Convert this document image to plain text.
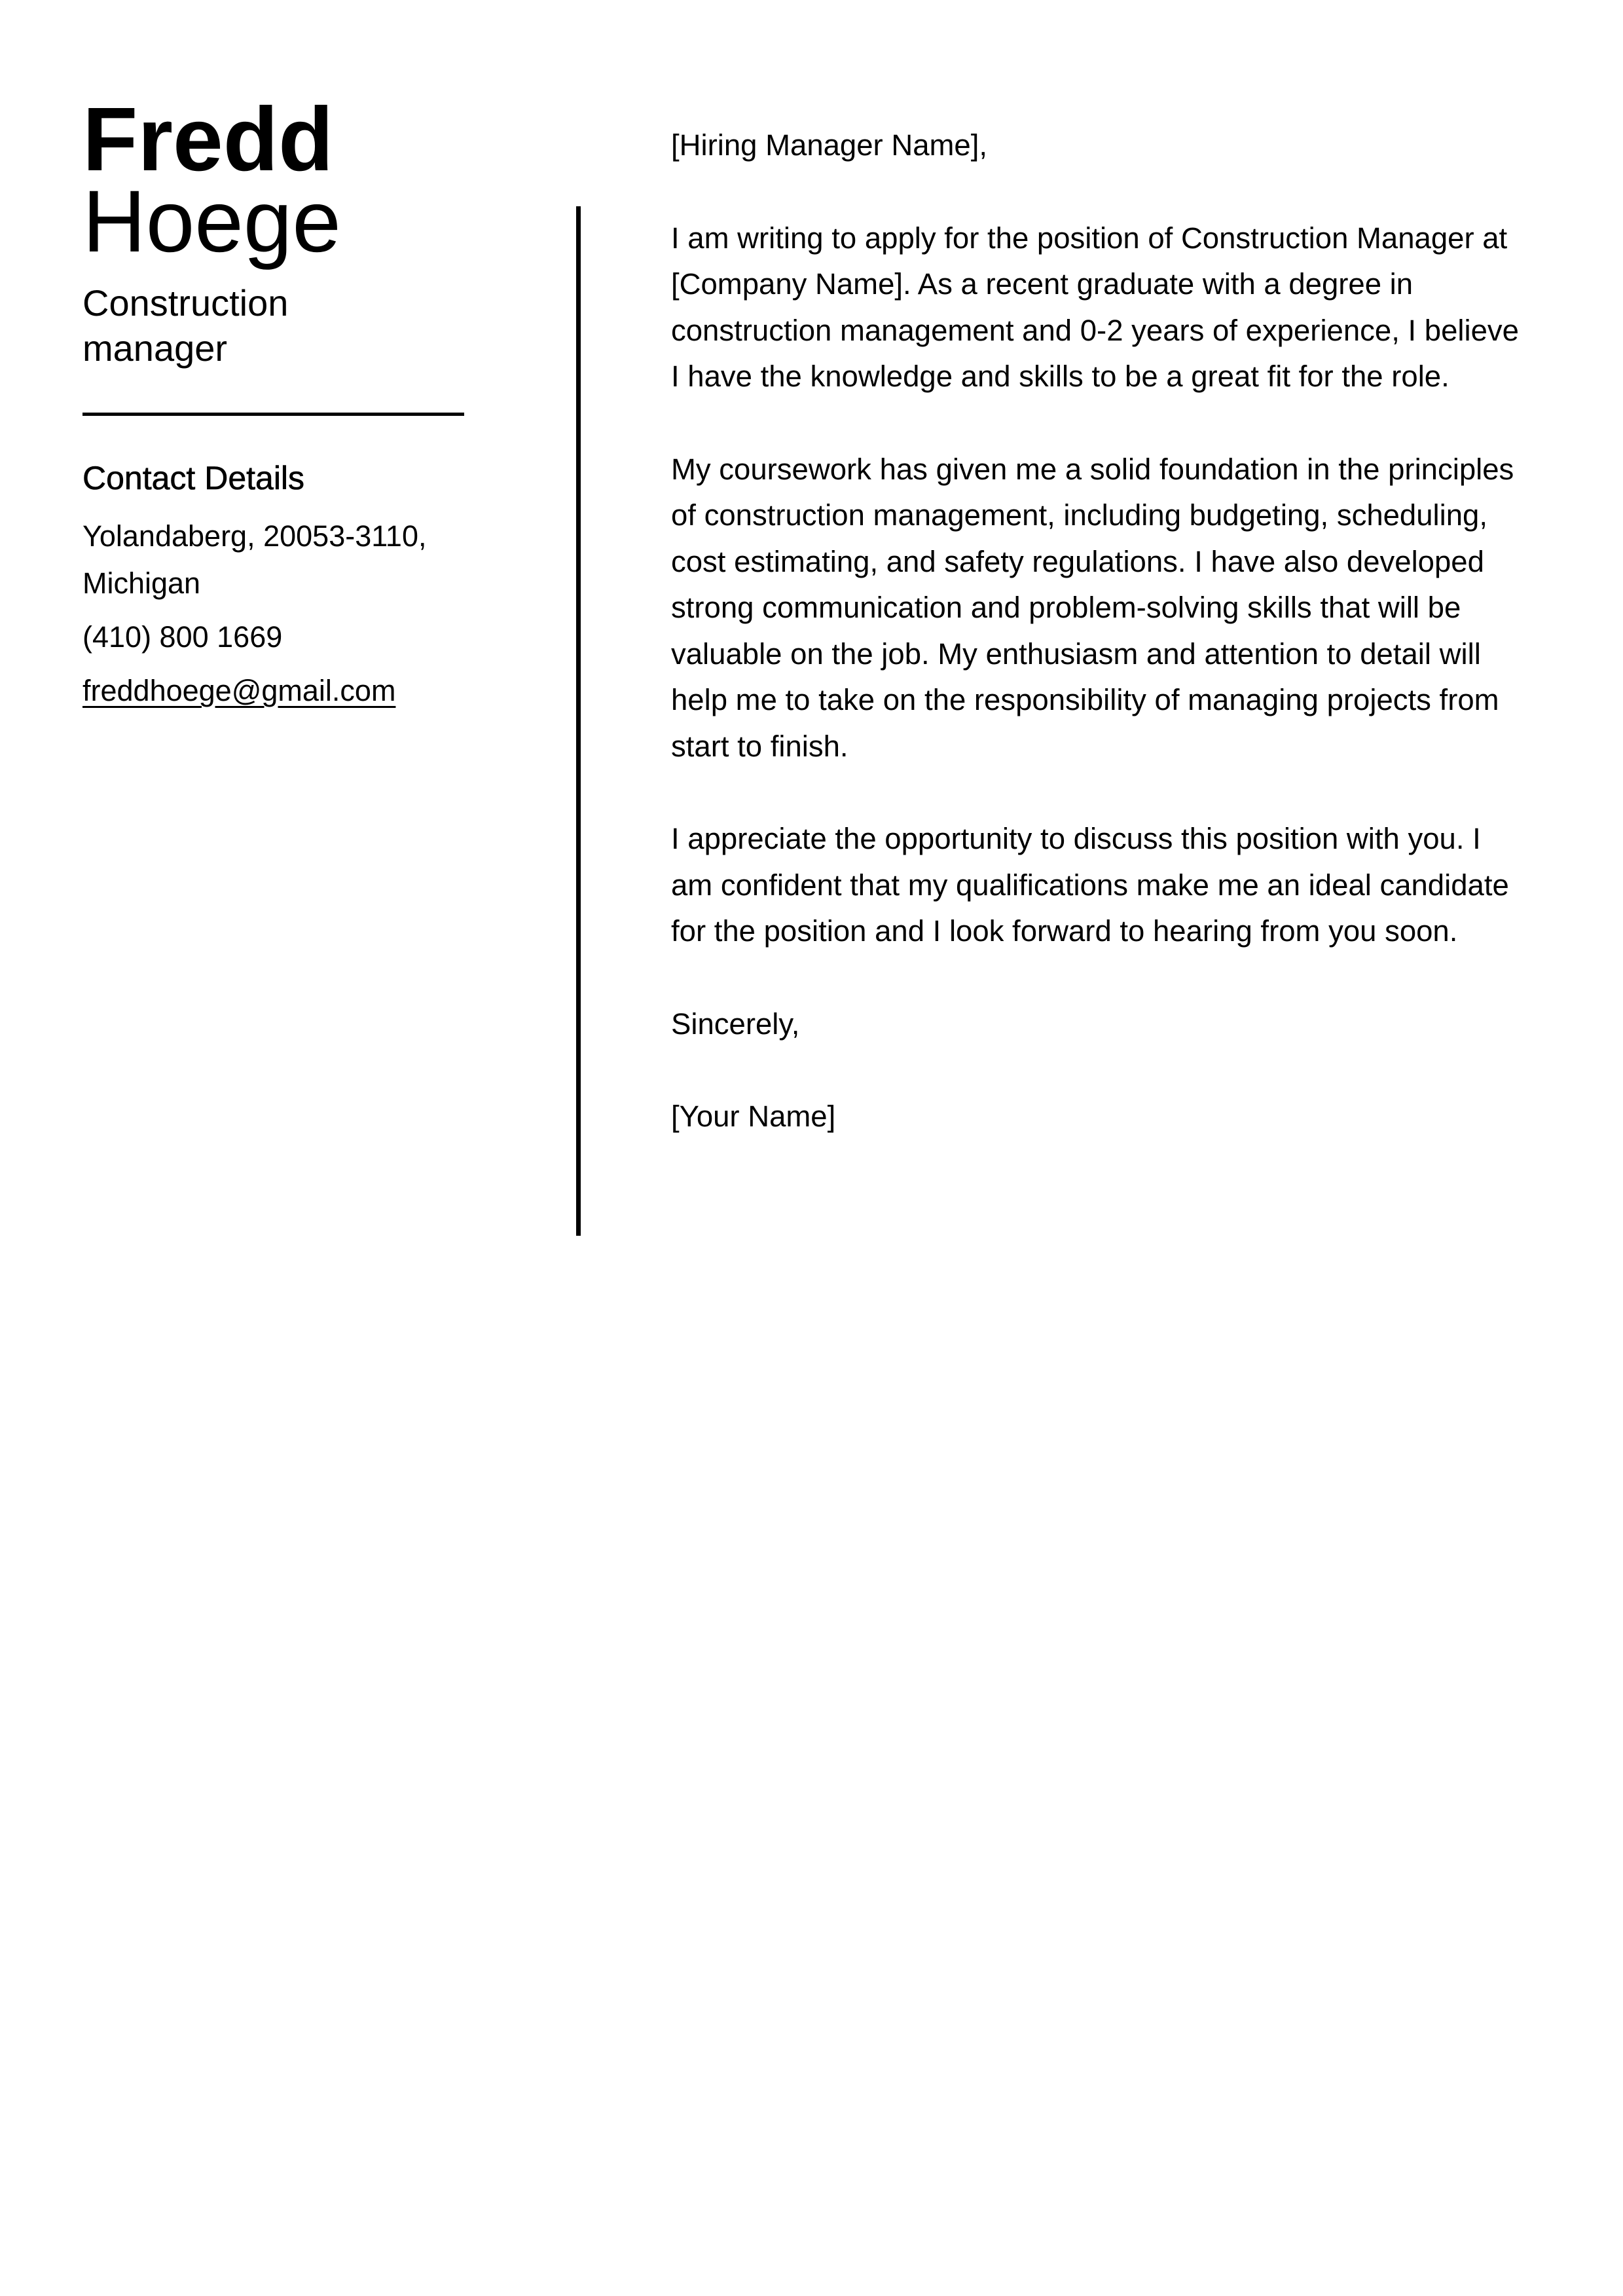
Fredd
Hoege
Construction manager
Contact Details
Yolandaberg, 20053-3110, Michigan
(410) 800 1669
freddhoege@gmail.com

[Hiring Manager Name],

I am writing to apply for the position of Construction Manager at [Company Name]. As a recent graduate with a degree in construction management and 0-2 years of experience, I believe I have the knowledge and skills to be a great fit for the role.

My coursework has given me a solid foundation in the principles of construction management, including budgeting, scheduling, cost estimating, and safety regulations. I have also developed strong communication and problem-solving skills that will be valuable on the job. My enthusiasm and attention to detail will help me to take on the responsibility of managing projects from start to finish.

I appreciate the opportunity to discuss this position with you. I am confident that my qualifications make me an ideal candidate for the position and I look forward to hearing from you soon.

Sincerely,

[Your Name]
